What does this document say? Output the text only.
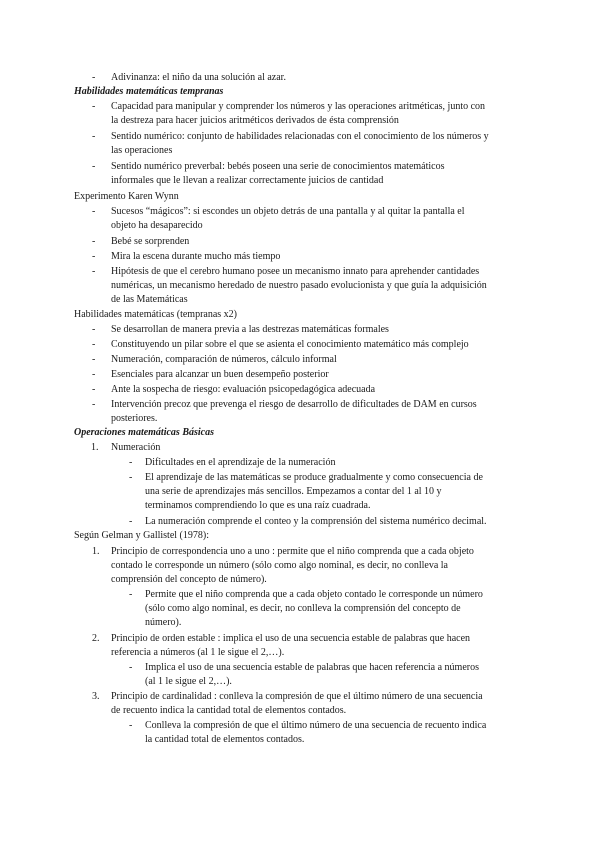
- Adivinanza: el niño da una solución al azar.
Habilidades matemáticas tempranas
- Capacidad para manipular y comprender los números y las operaciones aritméticas, junto con
la destreza para hacer juicios aritméticos derivados de ésta comprensión
- Sentido numérico: conjunto de habilidades relacionadas con el conocimiento de los números y
las operaciones
- Sentido numérico preverbal: bebés poseen una serie de conocimientos matemáticos
informales que le llevan a realizar correctamente juicios de cantidad
Experimento Karen Wynn
- Sucesos “mágicos”: si escondes un objeto detrás de una pantalla y al quitar la pantalla el
objeto ha desaparecido
- Bebé se sorprenden
- Mira la escena durante mucho más tiempo
- Hipótesis de que el cerebro humano posee un mecanismo innato para aprehender cantidades
numéricas, un mecanismo heredado de nuestro pasado evolucionista y que guía la adquisición
de las Matemáticas
Habilidades matemáticas (tempranas x2)
- Se desarrollan de manera previa a las destrezas matemáticas formales
- Constituyendo un pilar sobre el que se asienta el conocimiento matemático más complejo
- Numeración, comparación de números, cálculo informal
- Esenciales para alcanzar un buen desempeño posterior
- Ante la sospecha de riesgo: evaluación psicopedagógica adecuada
- Intervención precoz que prevenga el riesgo de desarrollo de dificultades de DAM en cursos
posteriores.
Operaciones matemáticas Básicas
1. Numeración
- Dificultades en el aprendizaje de la numeración
- El aprendizaje de las matemáticas se produce gradualmente y como consecuencia de
una serie de aprendizajes más sencillos. Empezamos a contar del 1 al 10 y
terminamos comprendiendo lo que es una raíz cuadrada.
- La numeración comprende el conteo y la comprensión del sistema numérico decimal.
Según Gelman y Gallistel (1978):
1. Principio de correspondencia uno a uno : permite que el niño comprenda que a cada objeto
contado le corresponde un número (sólo como algo nominal, es decir, no conlleva la
comprensión del concepto de número).
- Permite que el niño comprenda que a cada objeto contado le corresponde un número
(sólo como algo nominal, es decir, no conlleva la comprensión del concepto de
número).
2. Principio de orden estable : implica el uso de una secuencia estable de palabras que hacen
referencia a números (al 1 le sigue el 2,…).
- Implica el uso de una secuencia estable de palabras que hacen referencia a números
(al 1 le sigue el 2,…).
3. Principio de cardinalidad : conlleva la compresión de que el último número de una secuencia
de recuento indica la cantidad total de elementos contados.
- Conlleva la compresión de que el último número de una secuencia de recuento indica
la cantidad total de elementos contados.
